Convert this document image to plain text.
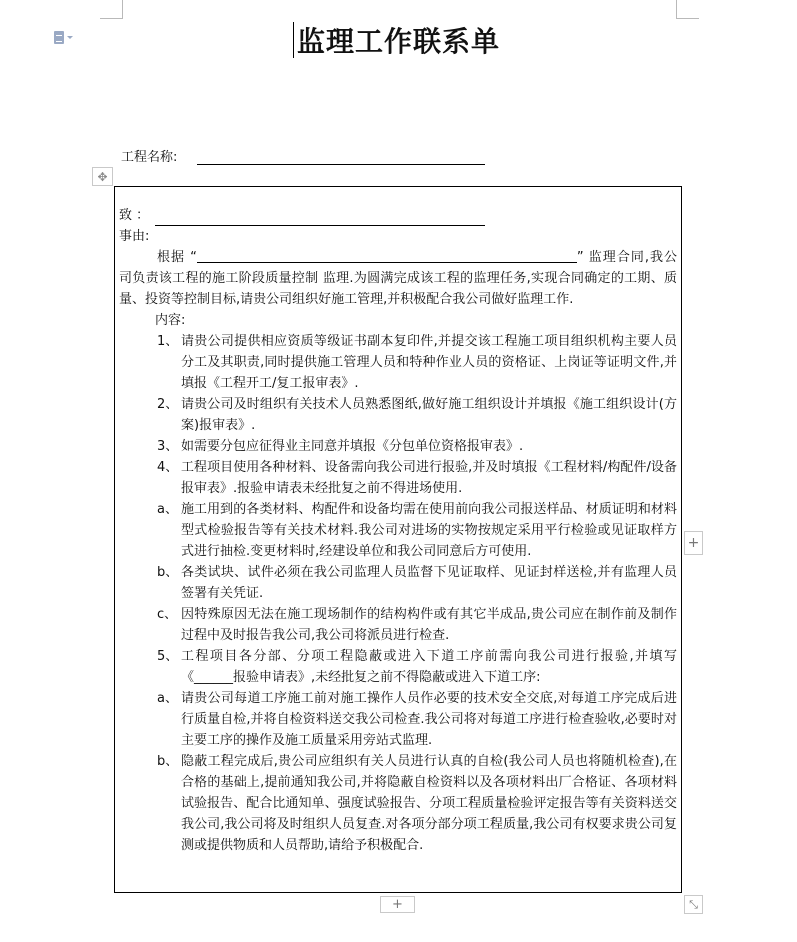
监理工作联系单
工程名称:
✥
致 ：
事由:
根据 “	” 监理合同,我公司负责该工程的施工阶段质量控制 监理.为圆满完成该工程的监理任务,实现合同确定的工期、质量、投资等控制目标,请贵公司组织好施工管理,并积极配合我公司做好监理工作.
内容:
1、 请贵公司提供相应资质等级证书副本复印件,并提交该工程施工项目组织机构主要人员分工及其职责,同时提供施工管理人员和特种作业人员的资格证、上岗证等证明文件,并填报《工程开工/复工报审表》.
2、 请贵公司及时组织有关技术人员熟悉图纸,做好施工组织设计并填报《施工组织设计(方案)报审表》.
3、 如需要分包应征得业主同意并填报《分包单位资格报审表》.
4、 工程项目使用各种材料、设备需向我公司进行报验,并及时填报《工程材料/构配件/设备报审表》.报验申请表未经批复之前不得进场使用.
a、 施工用到的各类材料、构配件和设备均需在使用前向我公司报送样品、材质证明和材料型式检验报告等有关技术材料.我公司对进场的实物按规定采用平行检验或见证取样方式进行抽检.变更材料时,经建设单位和我公司同意后方可使用.
b、 各类试块、试件必须在我公司监理人员监督下见证取样、见证封样送检,并有监理人员签署有关凭证.
c、 因特殊原因无法在施工现场制作的结构构件或有其它半成品,贵公司应在制作前及制作过程中及时报告我公司,我公司将派员进行检查.
5、 工程项目各分部、分项工程隐蔽或进入下道工序前需向我公司进行报验,并填写《______报验申请表》,未经批复之前不得隐蔽或进入下道工序:
a、 请贵公司每道工序施工前对施工操作人员作必要的技术安全交底,对每道工序完成后进行质量自检,并将自检资料送交我公司检查.我公司将对每道工序进行检查验收,必要时对主要工序的操作及施工质量采用旁站式监理.
b、 隐蔽工程完成后,贵公司应组织有关人员进行认真的自检(我公司人员也将随机检查),在合格的基础上,提前通知我公司,并将隐蔽自检资料以及各项材料出厂合格证、各项材料试验报告、配合比通知单、强度试验报告、分项工程质量检验评定报告等有关资料送交我公司,我公司将及时组织人员复查.对各项分部分项工程质量,我公司有权要求贵公司复测或提供物质和人员帮助,请给予积极配合.
+
+	⤡
